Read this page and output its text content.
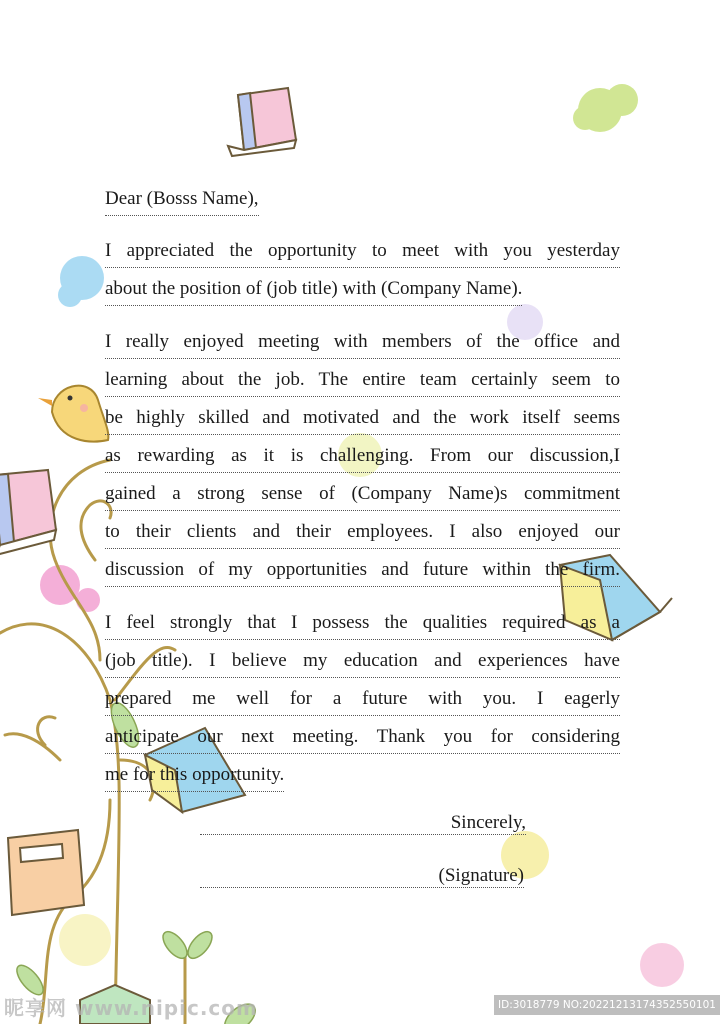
Dear (Bosss Name),
I appreciated the opportunity to meet with you yesterday
about the position of (job title) with (Company Name).
I really enjoyed meeting with members of the office and
learning about the job. The entire team certainly seem to
be highly skilled and motivated and the work itself seems
as rewarding as it is challenging. From our discussion,I
gained a strong sense of (Company Name)s commitment
to their clients and their employees. I also enjoyed our
discussion of my opportunities and future within the firm.
I feel strongly that I possess the qualities required as a
(job title). I believe my education and experiences have
prepared me well for a future with you. I eagerly
anticipate our next meeting. Thank you for considering
me for this opportunity.
Sincerely,
(Signature)
昵享网 www.nipic.com	ID:3018779 NO:20221213174352550101
